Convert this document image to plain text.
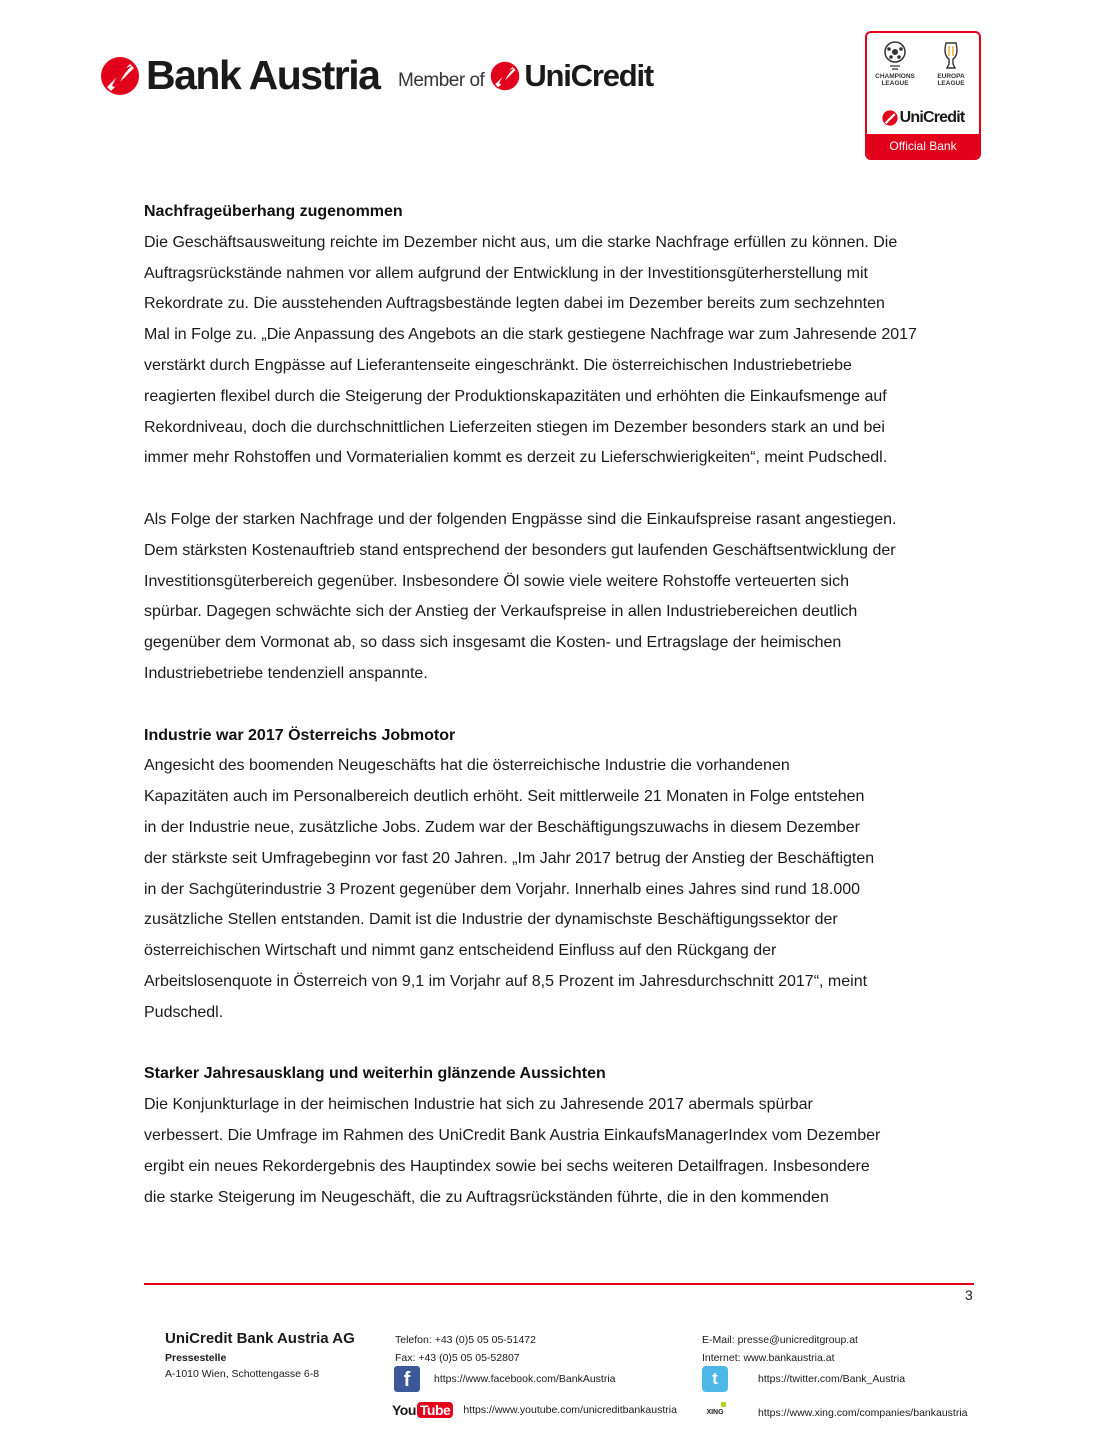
Bank Austria Member of UniCredit	CHAMPIONS LEAGUE
EUROPA LEAGUE
UniCredit
Official Bank

Nachfrageüberhang zugenommen

Die Geschäftsausweitung reichte im Dezember nicht aus, um die starke Nachfrage erfüllen zu können. Die

Auftragsrückstände nahmen vor allem aufgrund der Entwicklung in der Investitionsgüterherstellung mit

Rekordrate zu. Die ausstehenden Auftragsbestände legten dabei im Dezember bereits zum sechzehnten

Mal in Folge zu. „Die Anpassung des Angebots an die stark gestiegene Nachfrage war zum Jahresende 2017

verstärkt durch Engpässe auf Lieferantenseite eingeschränkt. Die österreichischen Industriebetriebe

reagierten flexibel durch die Steigerung der Produktionskapazitäten und erhöhten die Einkaufsmenge auf

Rekordniveau, doch die durchschnittlichen Lieferzeiten stiegen im Dezember besonders stark an und bei

immer mehr Rohstoffen und Vormaterialien kommt es derzeit zu Lieferschwierigkeiten“, meint Pudschedl.

Als Folge der starken Nachfrage und der folgenden Engpässe sind die Einkaufspreise rasant angestiegen.

Dem stärksten Kostenauftrieb stand entsprechend der besonders gut laufenden Geschäftsentwicklung der

Investitionsgüterbereich gegenüber. Insbesondere Öl sowie viele weitere Rohstoffe verteuerten sich

spürbar. Dagegen schwächte sich der Anstieg der Verkaufspreise in allen Industriebereichen deutlich

gegenüber dem Vormonat ab, so dass sich insgesamt die Kosten- und Ertragslage der heimischen

Industriebetriebe tendenziell anspannte.

Industrie war 2017 Österreichs Jobmotor

Angesicht des boomenden Neugeschäfts hat die österreichische Industrie die vorhandenen

Kapazitäten auch im Personalbereich deutlich erhöht. Seit mittlerweile 21 Monaten in Folge entstehen

in der Industrie neue, zusätzliche Jobs. Zudem war der Beschäftigungszuwachs in diesem Dezember

der stärkste seit Umfragebeginn vor fast 20 Jahren. „Im Jahr 2017 betrug der Anstieg der Beschäftigten

in der Sachgüterindustrie 3 Prozent gegenüber dem Vorjahr. Innerhalb eines Jahres sind rund 18.000

zusätzliche Stellen entstanden. Damit ist die Industrie der dynamischste Beschäftigungssektor der

österreichischen Wirtschaft und nimmt ganz entscheidend Einfluss auf den Rückgang der

Arbeitslosenquote in Österreich von 9,1 im Vorjahr auf 8,5 Prozent im Jahresdurchschnitt 2017“, meint

Pudschedl.

Starker Jahresausklang und weiterhin glänzende Aussichten

Die Konjunkturlage in der heimischen Industrie hat sich zu Jahresende 2017 abermals spürbar

verbessert. Die Umfrage im Rahmen des UniCredit Bank Austria EinkaufsManagerIndex vom Dezember

ergibt ein neues Rekordergebnis des Hauptindex sowie bei sechs weiteren Detailfragen. Insbesondere

die starke Steigerung im Neugeschäft, die zu Auftragsrückständen führte, die in den kommenden

3
UniCredit Bank Austria AG
Pressestelle
A-1010 Wien, Schottengasse 6-8
Telefon: +43 (0)5 05 05-51472
Fax: +43 (0)5 05 05-52807
E-Mail: presse@unicreditgroup.at
Internet: www.bankaustria.at
f	https://www.facebook.com/BankAustria	t	https://twitter.com/Bank_Austria
You Tube https://www.youtube.com/unicreditbankaustria	XING	https://www.xing.com/companies/bankaustria
